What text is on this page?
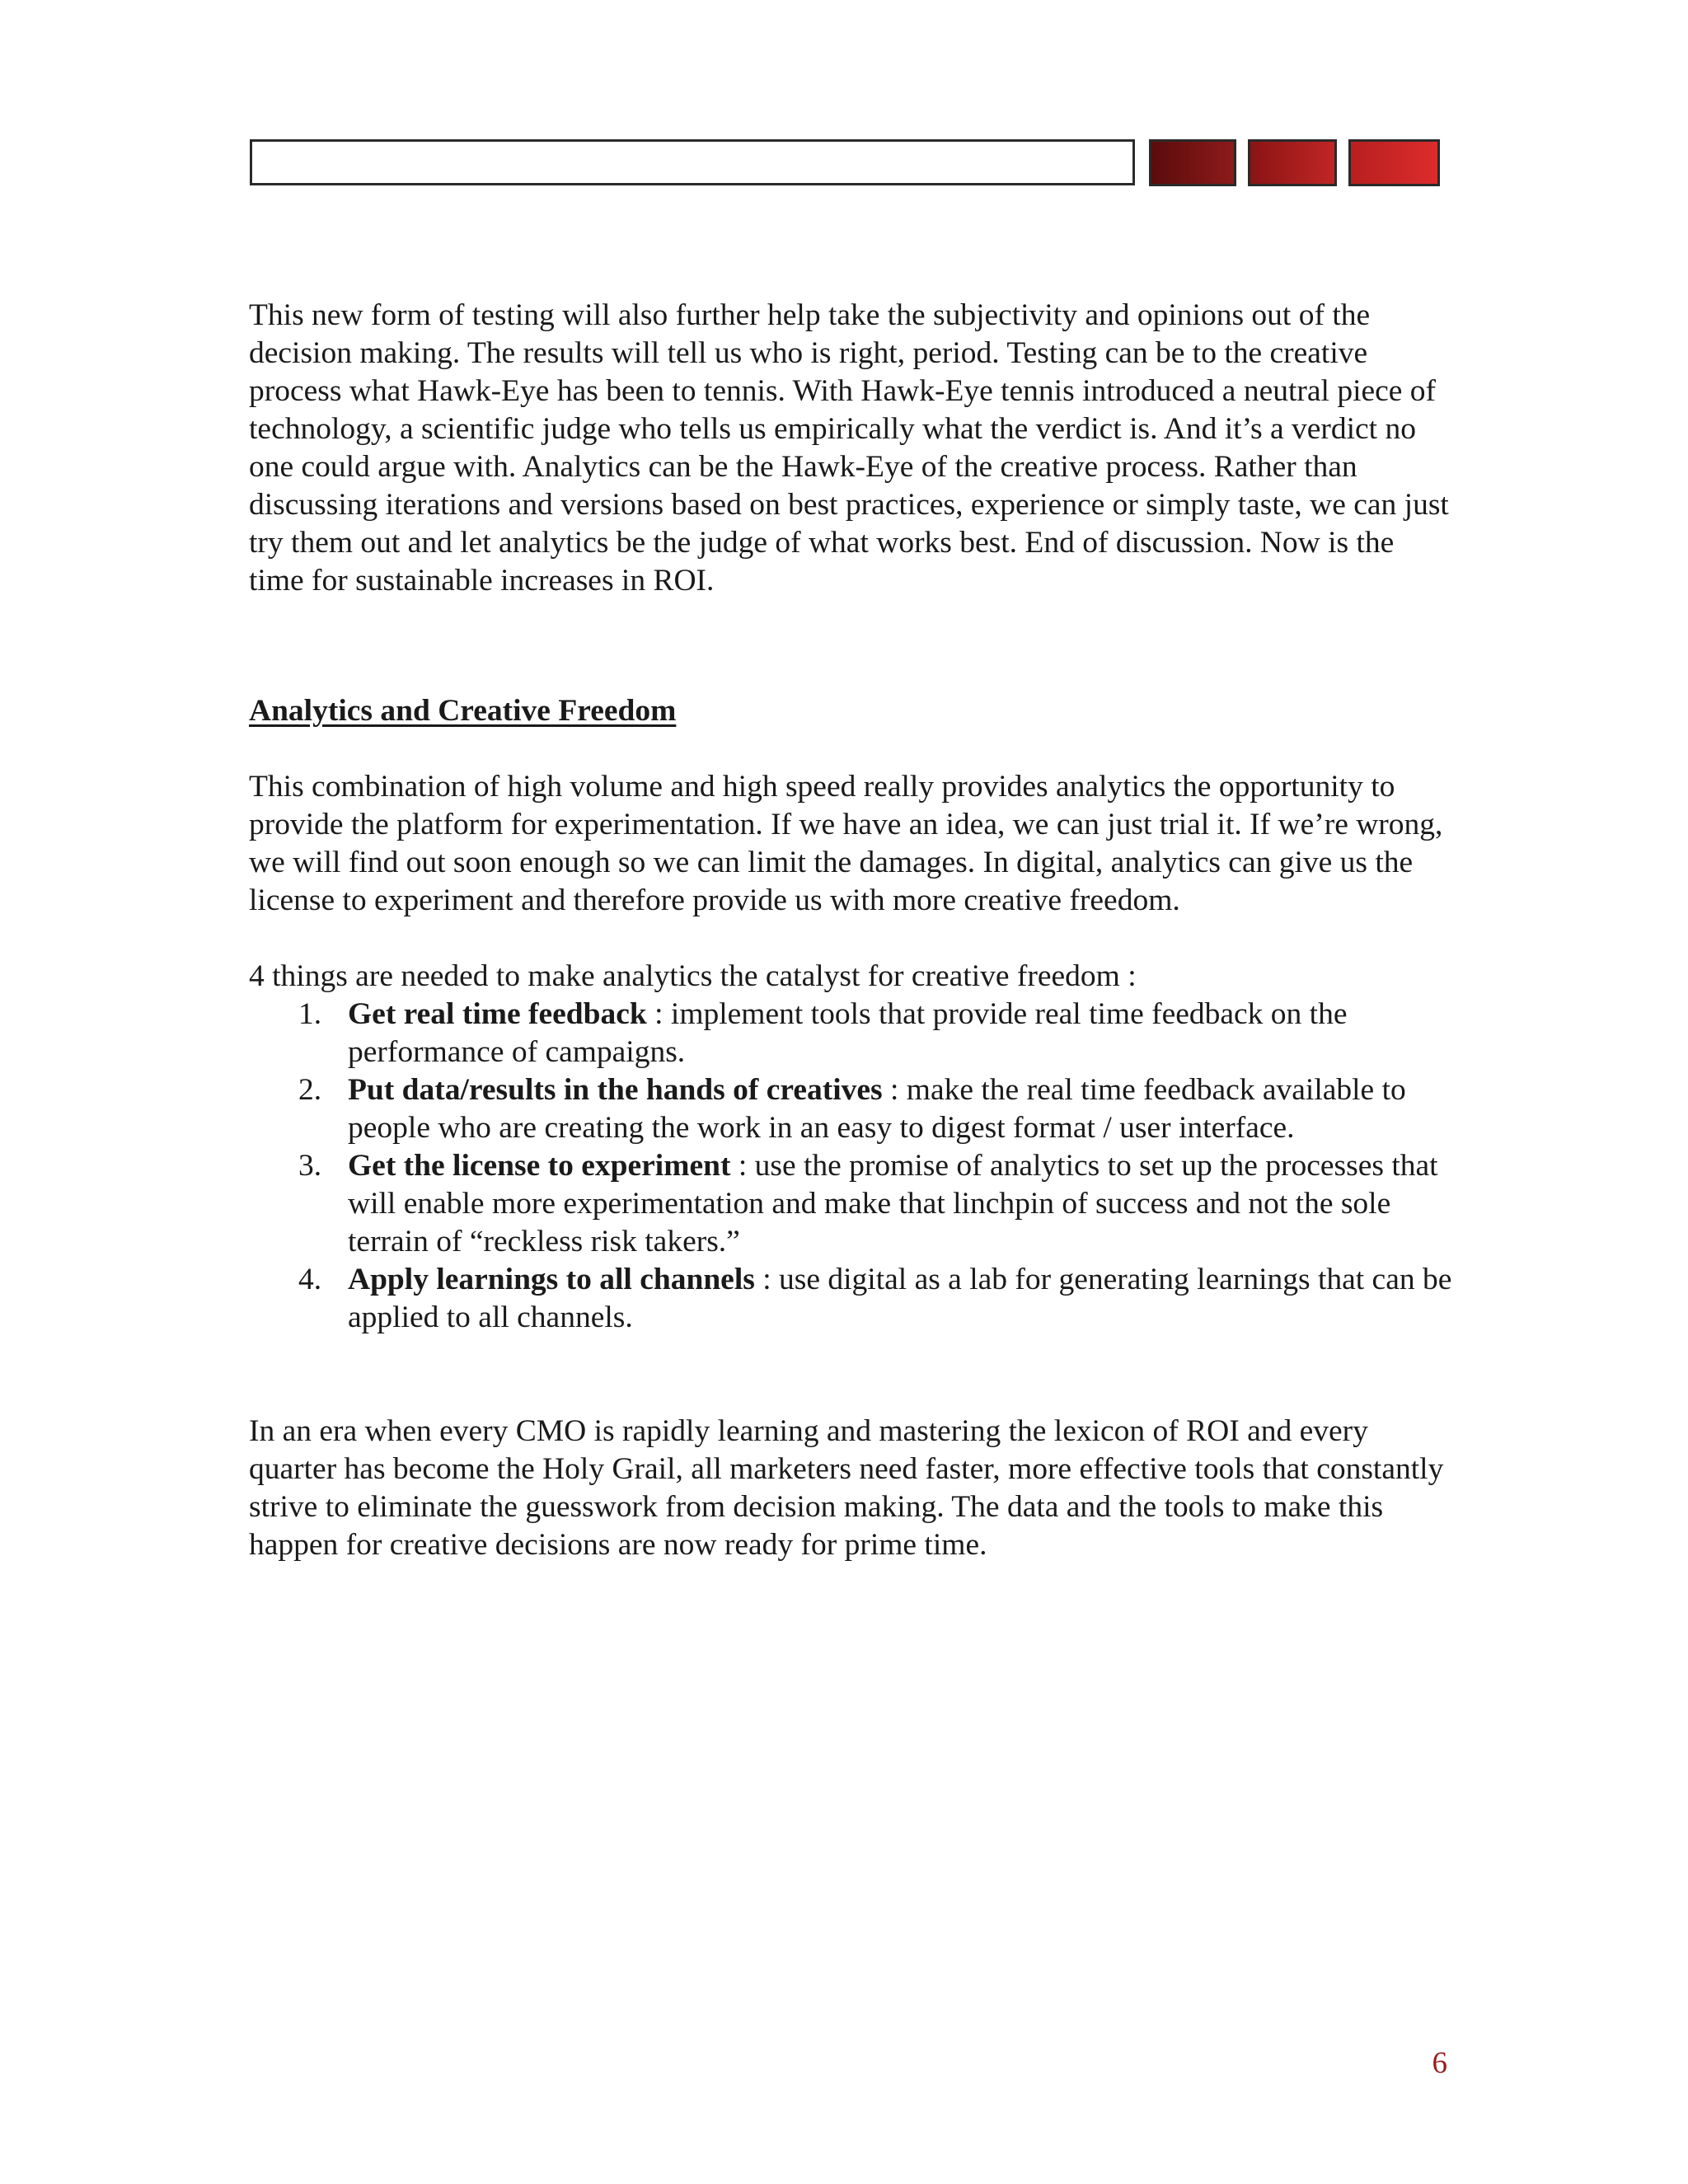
This new form of testing will also further help take the subjectivity and opinions out of the decision making. The results will tell us who is right, period. Testing can be to the creative process what Hawk-Eye has been to tennis. With Hawk-Eye tennis introduced a neutral piece of technology, a scientific judge who tells us empirically what the verdict is. And it’s a verdict no one could argue with. Analytics can be the Hawk-Eye of the creative process. Rather than discussing iterations and versions based on best practices, experience or simply taste, we can just try them out and let analytics be the judge of what works best. End of discussion. Now is the time for sustainable increases in ROI.

Analytics and Creative Freedom

This combination of high volume and high speed really provides analytics the opportunity to provide the platform for experimentation. If we have an idea, we can just trial it. If we’re wrong, we will find out soon enough so we can limit the damages. In digital, analytics can give us the license to experiment and therefore provide us with more creative freedom.

4 things are needed to make analytics the catalyst for creative freedom :

1. Get real time feedback : implement tools that provide real time feedback on the performance of campaigns.
2. Put data/results in the hands of creatives : make the real time feedback available to people who are creating the work in an easy to digest format / user interface.
3. Get the license to experiment : use the promise of analytics to set up the processes that will enable more experimentation and make that linchpin of success and not the sole terrain of “reckless risk takers.”
4. Apply learnings to all channels : use digital as a lab for generating learnings that can be applied to all channels.

In an era when every CMO is rapidly learning and mastering the lexicon of ROI and every quarter has become the Holy Grail, all marketers need faster, more effective tools that constantly strive to eliminate the guesswork from decision making. The data and the tools to make this happen for creative decisions are now ready for prime time.

6
